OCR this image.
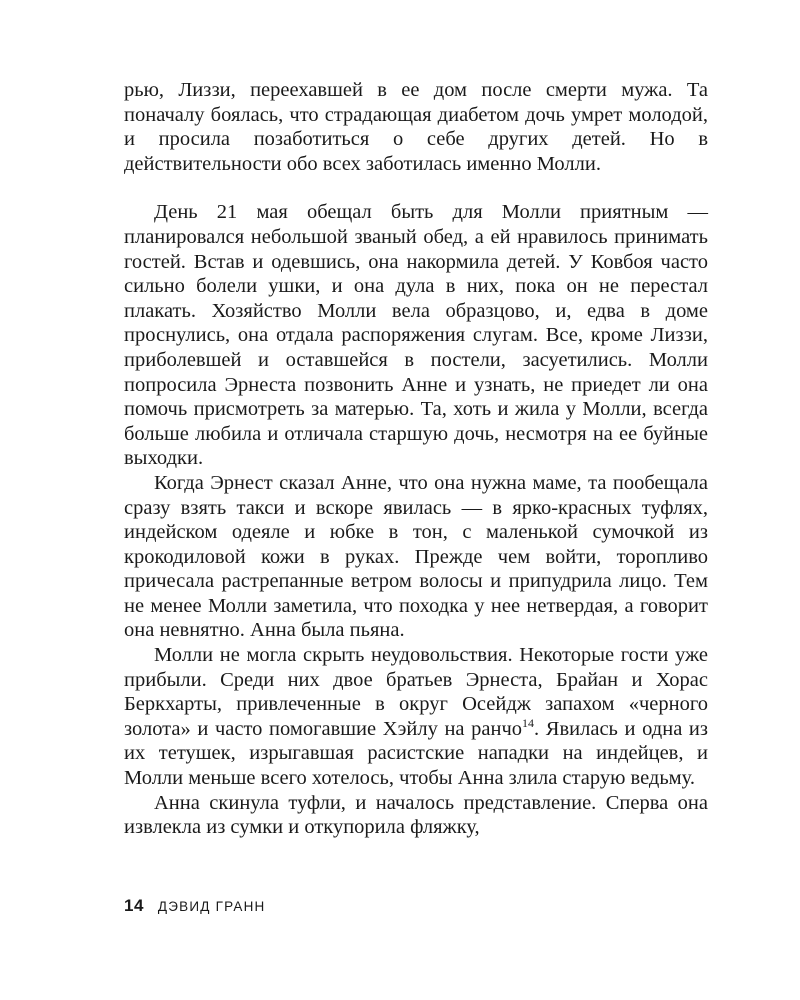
рью, Лиззи, переехавшей в ее дом после смерти мужа. Та поначалу боялась, что страдающая диабетом дочь умрет молодой, и просила позаботиться о себе других детей. Но в действительности обо всех заботилась именно Молли.

День 21 мая обещал быть для Молли приятным — планировался небольшой званый обед, а ей нравилось принимать гостей. Встав и одевшись, она накормила детей. У Ковбоя часто сильно болели ушки, и она дула в них, пока он не перестал плакать. Хозяйство Молли вела образцово, и, едва в доме проснулись, она отдала распоряжения слугам. Все, кроме Лиззи, приболевшей и оставшейся в постели, засуетились. Молли попросила Эрнеста позвонить Анне и узнать, не приедет ли она помочь присмотреть за матерью. Та, хоть и жила у Молли, всегда больше любила и отличала старшую дочь, несмотря на ее буйные выходки.

Когда Эрнест сказал Анне, что она нужна маме, та пообещала сразу взять такси и вскоре явилась — в ярко-красных туфлях, индейском одеяле и юбке в тон, с маленькой сумочкой из крокодиловой кожи в руках. Прежде чем войти, торопливо причесала растрепанные ветром волосы и припудрила лицо. Тем не менее Молли заметила, что походка у нее нетвердая, а говорит она невнятно. Анна была пьяна.

Молли не могла скрыть неудовольствия. Некоторые гости уже прибыли. Среди них двое братьев Эрнеста, Брайан и Хорас Беркхарты, привлеченные в округ Осейдж запахом «черного золота» и часто помогавшие Хэйлу на ранчо$^{14}$. Явилась и одна из их тетушек, изрыгавшая расистские нападки на индейцев, и Молли меньше всего хотелось, чтобы Анна злила старую ведьму.

Анна скинула туфли, и началось представление. Сперва она извлекла из сумки и откупорила фляжку,

14 ДЭВИД ГРАНН
